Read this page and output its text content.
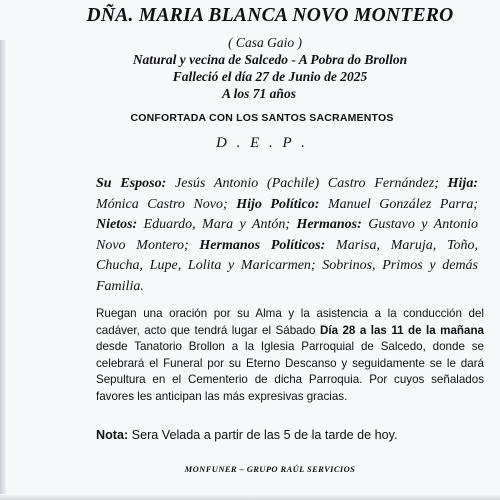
DÑA. MARIA BLANCA NOVO MONTERO
( Casa Gaio )
Natural y vecina de Salcedo - A Pobra do Brollon
Falleció el día 27 de Junio de 2025
A los 71 años
CONFORTADA CON LOS SANTOS SACRAMENTOS
D . E . P .
Su Esposo: Jesús Antonio (Pachile) Castro Fernández; Hija: Mónica Castro Novo; Hijo Político: Manuel González Parra; Nietos: Eduardo, Mara y Antón; Hermanos: Gustavo y Antonio Novo Montero; Hermanos Políticos: Marisa, Maruja, Toño, Chucha, Lupe, Lolita y Maricarmen; Sobrinos, Primos y demás Familia.
Ruegan una oración por su Alma y la asistencia a la conducción del cadáver, acto que tendrá lugar el Sábado Día 28 a las 11 de la mañana desde Tanatorio Brollon a la Iglesia Parroquial de Salcedo, donde se celebrará el Funeral por su Eterno Descanso y seguidamente se le dará Sepultura en el Cementerio de dicha Parroquia. Por cuyos señalados favores les anticipan las más expresivas gracias.
Nota: Sera Velada a partir de las 5 de la tarde de hoy.
MONFUNER – GRUPO RAÚL SERVICIOS
